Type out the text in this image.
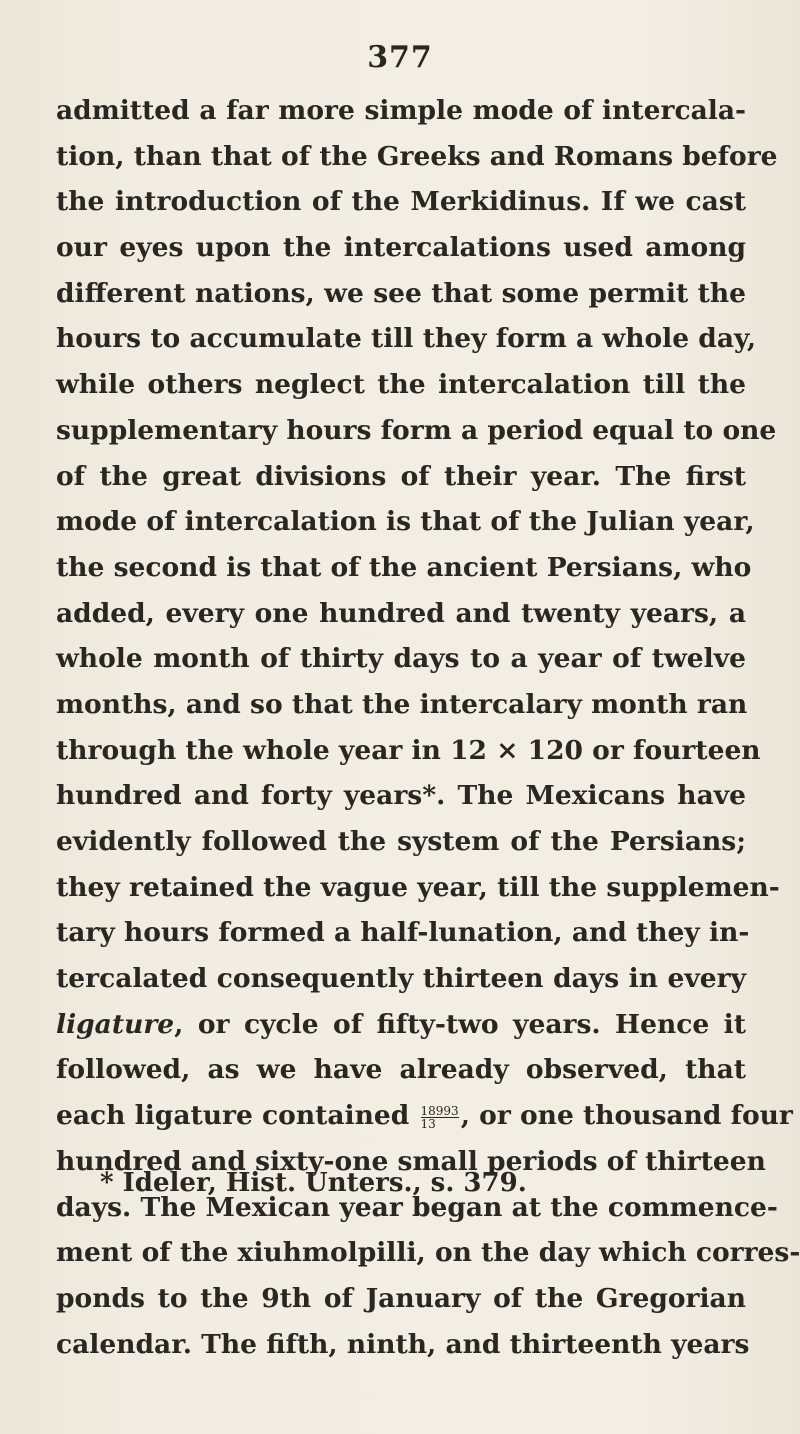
377
admitted a far more simple mode of intercala-
tion, than that of the Greeks and Romans before
the introduction of the Merkidinus. If we cast
our eyes upon the intercalations used among
different nations, we see that some permit the
hours to accumulate till they form a whole day,
while others neglect the intercalation till the
supplementary hours form a period equal to one
of the great divisions of their year. The first
mode of intercalation is that of the Julian year,
the second is that of the ancient Persians, who
added, every one hundred and twenty years, a
whole month of thirty days to a year of twelve
months, and so that the intercalary month ran
through the whole year in 12 × 120 or fourteen
hundred and forty years*. The Mexicans have
evidently followed the system of the Persians;
they retained the vague year, till the supplemen-
tary hours formed a half-lunation, and they in-
tercalated consequently thirteen days in every
ligature, or cycle of fifty-two years. Hence it
followed, as we have already observed, that
each ligature contained $\frac{18993}{13}$ , or one thousand four
hundred and sixty-one small periods of thirteen
days. The Mexican year began at the commence-
ment of the xiuhmolpilli, on the day which corres-
ponds to the 9th of January of the Gregorian
calendar. The fifth, ninth, and thirteenth years
* Ideler, Hist. Unters., s. 379.
